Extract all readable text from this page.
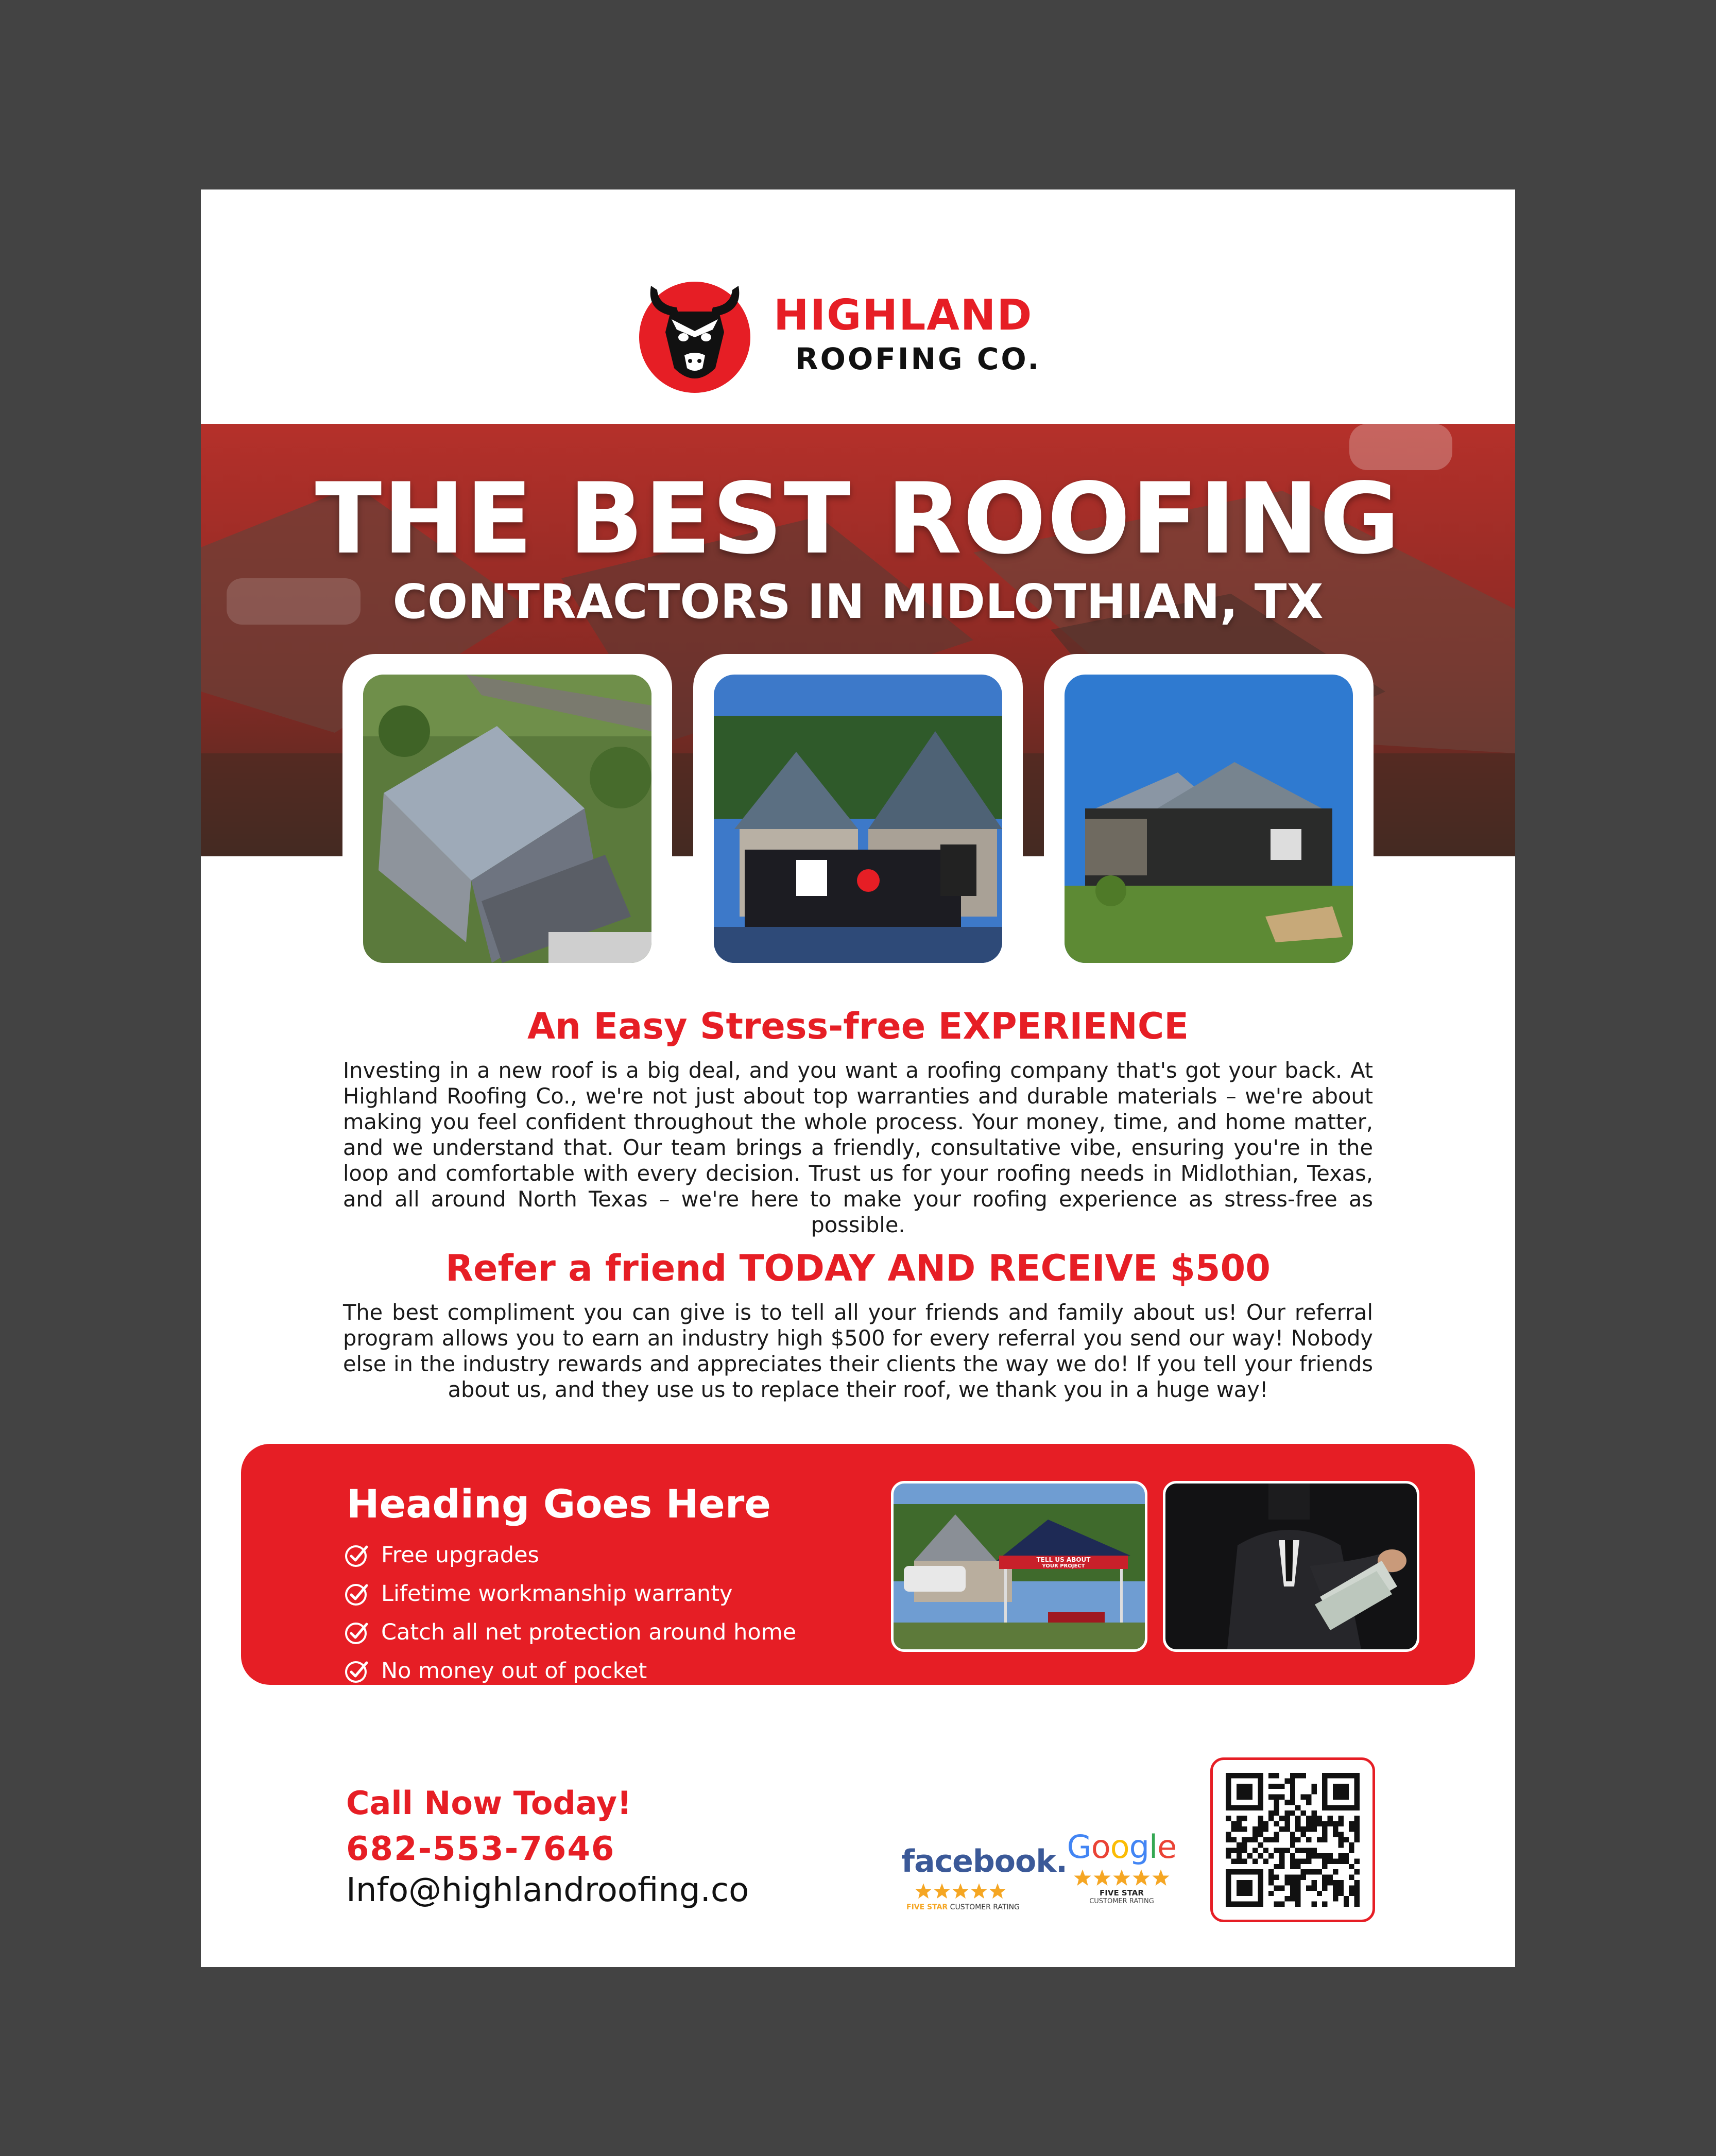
HIGHLAND
ROOFING CO.
THE BEST ROOFING
CONTRACTORS IN MIDLOTHIAN, TX
An Easy Stress-free EXPERIENCE
Investing in a new roof is a big deal, and you want a roofing company that's got your back. At Highland Roofing Co., we're not just about top warranties and durable materials – we're about making you feel confident throughout the whole process. Your money, time, and home matter, and we understand that. Our team brings a friendly, consultative vibe, ensuring you're in the loop and comfortable with every decision. Trust us for your roofing needs in Midlothian, Texas, and all around North Texas – we're here to make your roofing experience as stress-free as possible.
Refer a friend TODAY AND RECEIVE $500
The best compliment you can give is to tell all your friends and family about us! Our referral program allows you to earn an industry high $500 for every referral you send our way! Nobody else in the industry rewards and appreciates their clients the way we do! If you tell your friends about us, and they use us to replace their roof, we thank you in a huge way!
Heading Goes Here
Free upgrades
Lifetime workmanship warranty
Catch all net protection around home
No money out of pocket
TELL US ABOUT
YOUR PROJECT
Call Now Today!
682-553-7646
Info@highlandroofing.co
facebook.
FIVE STAR CUSTOMER RATING
Google
FIVE STAR
CUSTOMER RATING
